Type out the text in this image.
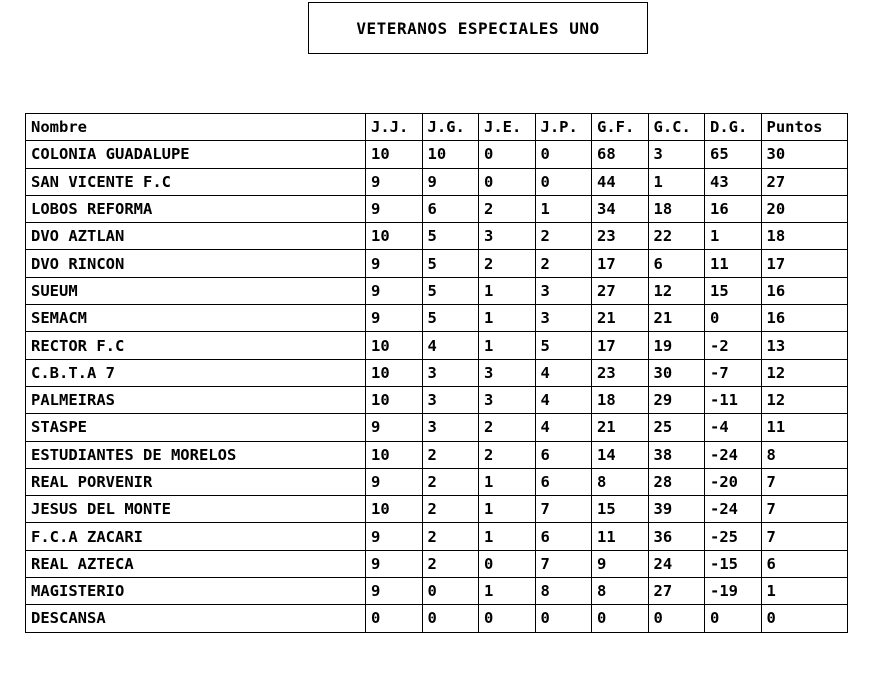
VETERANOS ESPECIALES UNO
Nombre	J.J.	J.G.	J.E.	J.P.	G.F.	G.C.	D.G.	Puntos
COLONIA GUADALUPE	10	10	0	0	68	3	65	30
SAN VICENTE F.C	9	9	0	0	44	1	43	27
LOBOS REFORMA	9	6	2	1	34	18	16	20
DVO AZTLAN	10	5	3	2	23	22	1	18
DVO RINCON	9	5	2	2	17	6	11	17
SUEUM	9	5	1	3	27	12	15	16
SEMACM	9	5	1	3	21	21	0	16
RECTOR F.C	10	4	1	5	17	19	-2	13
C.B.T.A 7	10	3	3	4	23	30	-7	12
PALMEIRAS	10	3	3	4	18	29	-11	12
STASPE	9	3	2	4	21	25	-4	11
ESTUDIANTES DE MORELOS	10	2	2	6	14	38	-24	8
REAL PORVENIR	9	2	1	6	8	28	-20	7
JESUS DEL MONTE	10	2	1	7	15	39	-24	7
F.C.A ZACARI	9	2	1	6	11	36	-25	7
REAL AZTECA	9	2	0	7	9	24	-15	6
MAGISTERIO	9	0	1	8	8	27	-19	1
DESCANSA	0	0	0	0	0	0	0	0
